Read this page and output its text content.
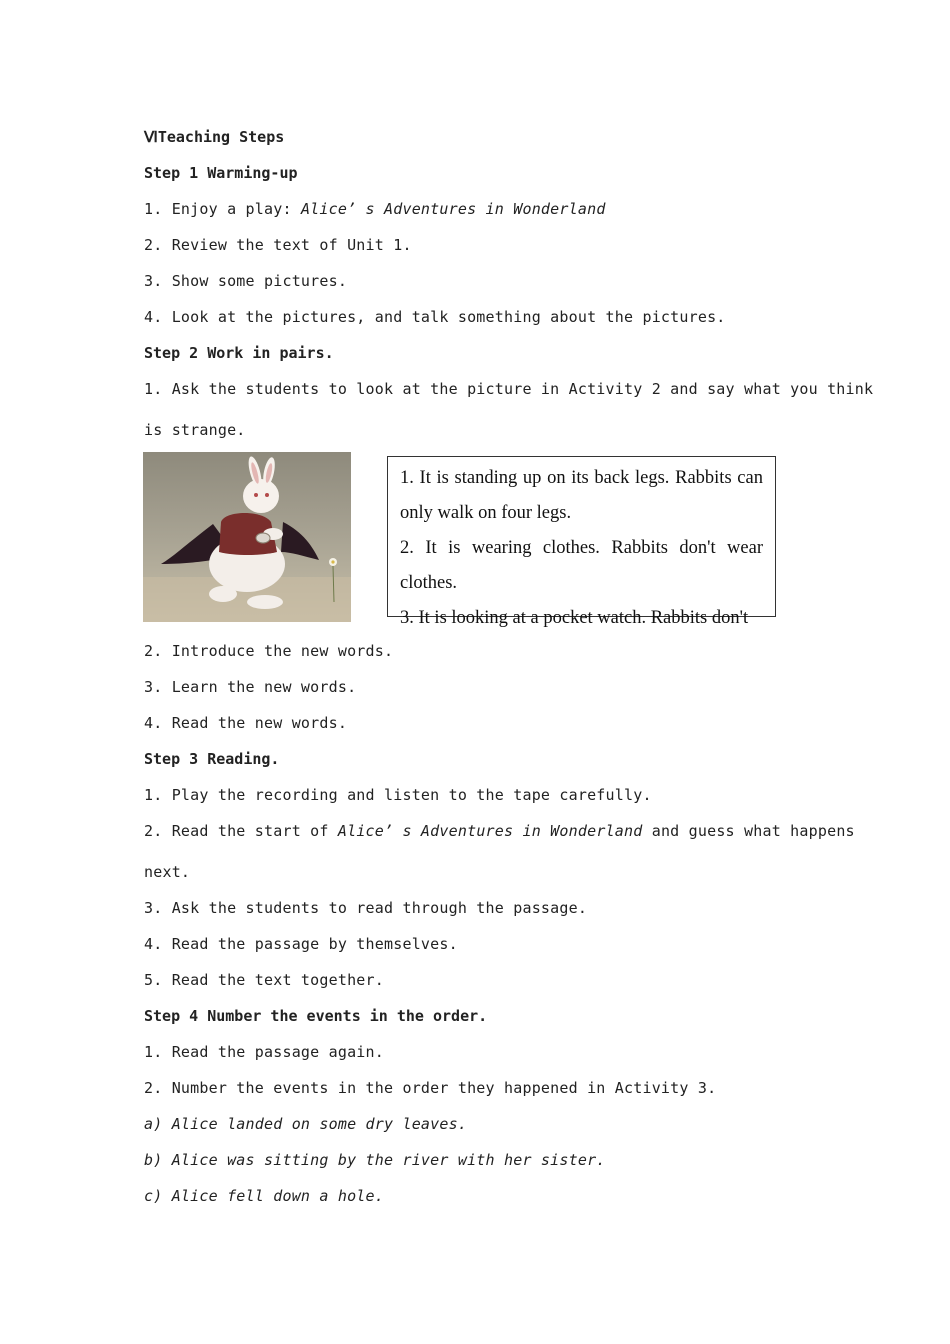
ⅥTeaching Steps
Step 1 Warming-up
1. Enjoy a play: Alice’ s Adventures in Wonderland
2. Review the text of Unit 1.
3. Show some pictures.
4. Look at the pictures, and talk something about the pictures.
Step 2 Work in pairs.
1. Ask the students to look at the picture in Activity 2 and say what you think
is strange.

1. It is standing up on its back legs. Rabbits can only walk on four legs.

2. It is wearing clothes. Rabbits don't wear clothes.

3. It is looking at a pocket watch. Rabbits don't

2. Introduce the new words.
3. Learn the new words.
4. Read the new words.
Step 3 Reading.
1. Play the recording and listen to the tape carefully.
2. Read the start of Alice’ s Adventures in Wonderland and guess what happens
next.
3. Ask the students to read through the passage.
4. Read the passage by themselves.
5. Read the text together.
Step 4 Number the events in the order.
1. Read the passage again.
2. Number the events in the order they happened in Activity 3.
a) Alice landed on some dry leaves.
b) Alice was sitting by the river with her sister.
c) Alice fell down a hole.
